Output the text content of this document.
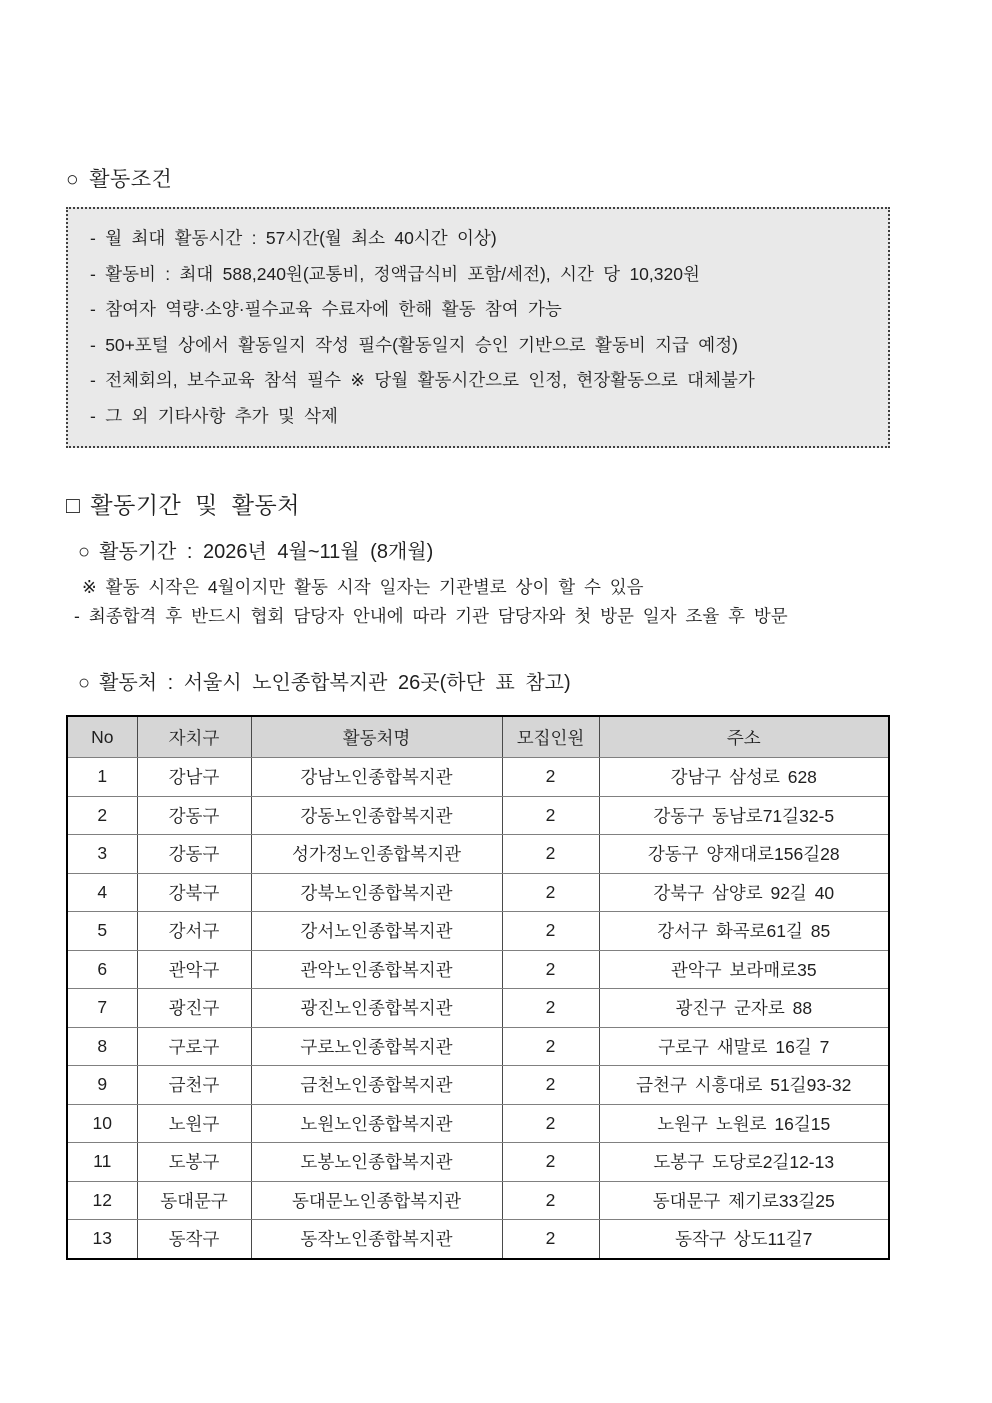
○ 활동조건
- 월 최대 활동시간 : 57시간(월 최소 40시간 이상)
- 활동비 : 최대 588,240원(교통비, 정액급식비 포함/세전), 시간 당 10,320원
- 참여자 역량·소양·필수교육 수료자에 한해 활동 참여 가능
- 50+포털 상에서 활동일지 작성 필수(활동일지 승인 기반으로 활동비 지급 예정)
- 전체회의, 보수교육 참석 필수 ※ 당월 활동시간으로 인정, 현장활동으로 대체불가
- 그 외 기타사항 추가 및 삭제
□ 활동기간 및 활동처
○ 활동기간 : 2026년 4월~11월 (8개월)
※ 활동 시작은 4월이지만 활동 시작 일자는 기관별로 상이 할 수 있음
- 최종합격 후 반드시 협회 담당자 안내에 따라 기관 담당자와 첫 방문 일자 조율 후 방문
○ 활동처 : 서울시 노인종합복지관 26곳(하단 표 참고)
No	자치구	활동처명	모집인원	주소
1	강남구	강남노인종합복지관	2	강남구 삼성로 628
2	강동구	강동노인종합복지관	2	강동구 동남로71길32-5
3	강동구	성가정노인종합복지관	2	강동구 양재대로156길28
4	강북구	강북노인종합복지관	2	강북구 삼양로 92길 40
5	강서구	강서노인종합복지관	2	강서구 화곡로61길 85
6	관악구	관악노인종합복지관	2	관악구 보라매로35
7	광진구	광진노인종합복지관	2	광진구 군자로 88
8	구로구	구로노인종합복지관	2	구로구 새말로 16길 7
9	금천구	금천노인종합복지관	2	금천구 시흥대로 51길93-32
10	노원구	노원노인종합복지관	2	노원구 노원로 16길15
11	도봉구	도봉노인종합복지관	2	도봉구 도당로2길12-13
12	동대문구	동대문노인종합복지관	2	동대문구 제기로33길25
13	동작구	동작노인종합복지관	2	동작구 상도11길7
